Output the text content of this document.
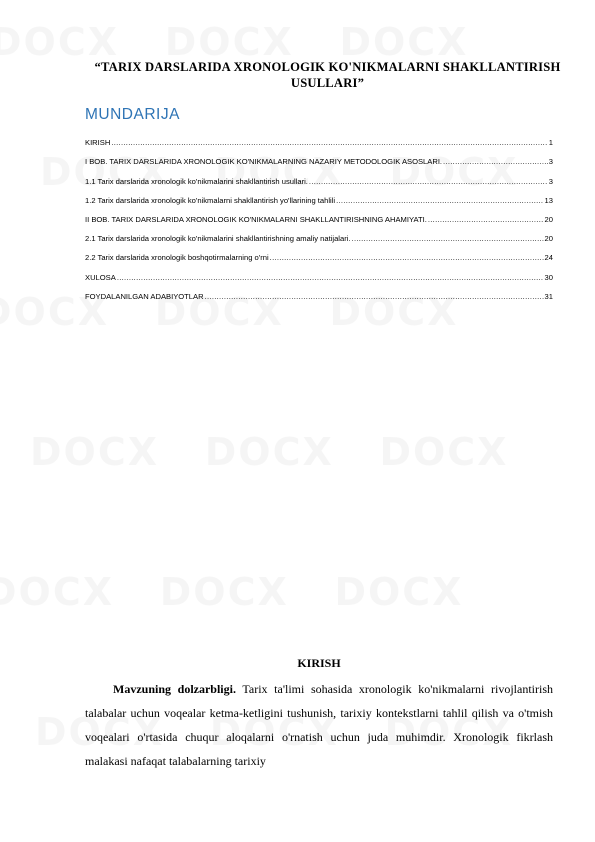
“TARIX DARSLARIDA XRONOLOGIK KO'NIKMALARNI SHAKLLANTIRISH USULLARI”
MUNDARIJA
KIRISH .....	1
I BOB. TARIX DARSLARIDA XRONOLOGIK KO'NIKMALARNING NAZARIY METODOLOGIK ASOSLARI. .....	3
1.1 Tarix darslarida xronologik ko'nikmalarini shakllantirish usullari. .....	3
1.2 Tarix darslarida xronologik ko'nikmalarni shakllantirish yo'llarining tahlili .....	13
II BOB. TARIX DARSLARIDA XRONOLOGIK KO'NIKMALARNI SHAKLLANTIRISHNING AHAMIYATI. .....	20
2.1 Tarix darslarida xronologik ko'nikmalarini shakllantirishning amaliy natijalari. .....	20
2.2 Tarix darslarida xronologik boshqotirmalarning o'rni .....	24
XULOSA .....	30
FOYDALANILGAN ADABIYOTLAR .....	31
KIRISH

Mavzuning dolzarbligi. Tarix ta'limi sohasida xronologik ko'nikmalarni rivojlantirish talabalar uchun voqealar ketma-ketligini tushunish, tarixiy kontekstlarni tahlil qilish va o'tmish voqealari o'rtasida chuqur aloqalarni o'rnatish uchun juda muhimdir. Xronologik fikrlash malakasi nafaqat talabalarning tarixiy
